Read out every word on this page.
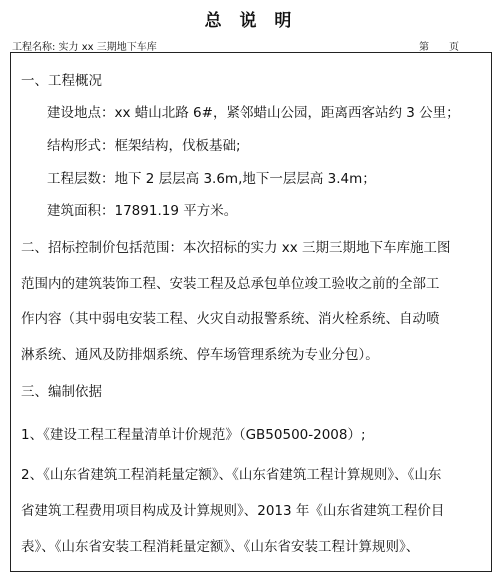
总 说 明
工程名称: 实力 xx 三期地下车库	第　　页
一、工程概况
建设地点：xx 蜡山北路 6#，紧邻蜡山公园，距离西客站约 3 公里；
结构形式：框架结构，伐板基础;
工程层数：地下 2 层层高 3.6m,地下一层层高 3.4m；
建筑面积：17891.19 平方米。
二、招标控制价包括范围：本次招标的实力 xx 三期三期地下车库施工图
范围内的建筑装饰工程、安装工程及总承包单位竣工验收之前的全部工
作内容（其中弱电安装工程、火灾自动报警系统、消火栓系统、自动喷
淋系统、通风及防排烟系统、停车场管理系统为专业分包）。
三、编制依据
1、《建设工程工程量清单计价规范》（GB50500-2008）;
2、《山东省建筑工程消耗量定额》、《山东省建筑工程计算规则》、《山东
省建筑工程费用项目构成及计算规则》、2013 年《山东省建筑工程价目
表》、《山东省安装工程消耗量定额》、《山东省安装工程计算规则》、
